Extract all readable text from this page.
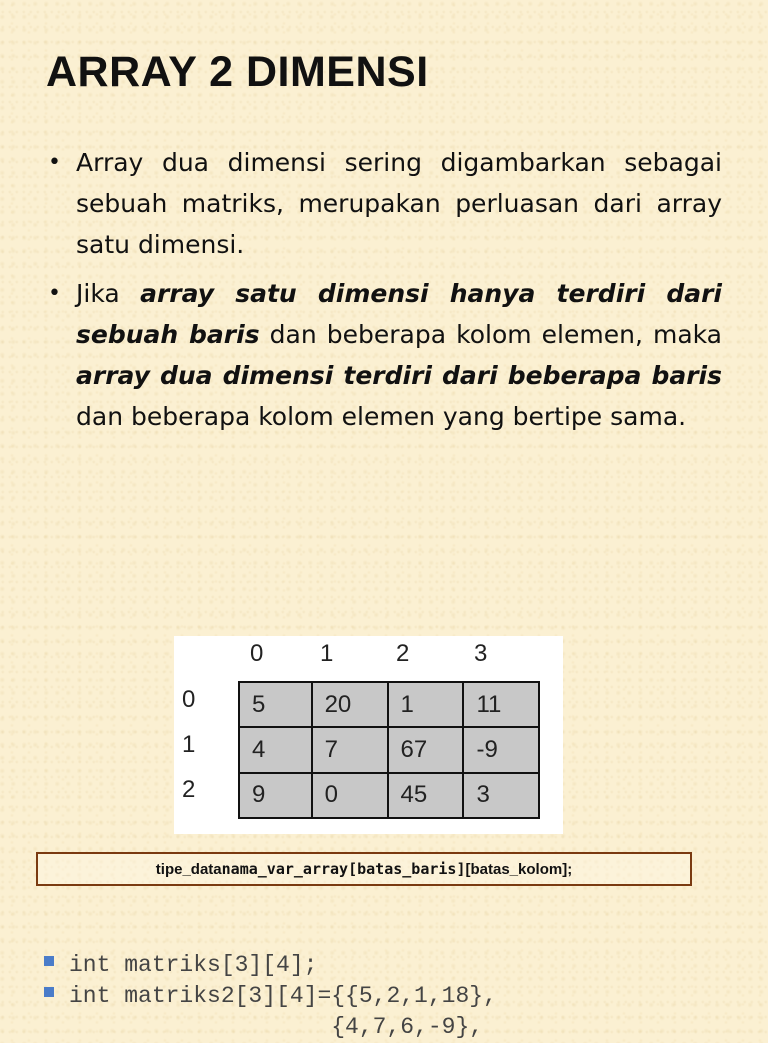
ARRAY 2 DIMENSI
• Array dua dimensi sering digambarkan sebagai sebuah matriks, merupakan perluasan dari array satu dimensi.
• Jika array satu dimensi hanya terdiri dari sebuah baris dan beberapa kolom elemen, maka array dua dimensi terdiri dari beberapa baris dan beberapa kolom elemen yang bertipe sama.
0 1	2	3
0
1
2
5	20	1	11
4	7	67	-9
9	0	45	3
tipe_data nama_var_array[batas_baris] [batas_kolom];
int matriks[3][4];
int matriks2[3][4]={{5,2,1,18},
{4,7,6,-9},
